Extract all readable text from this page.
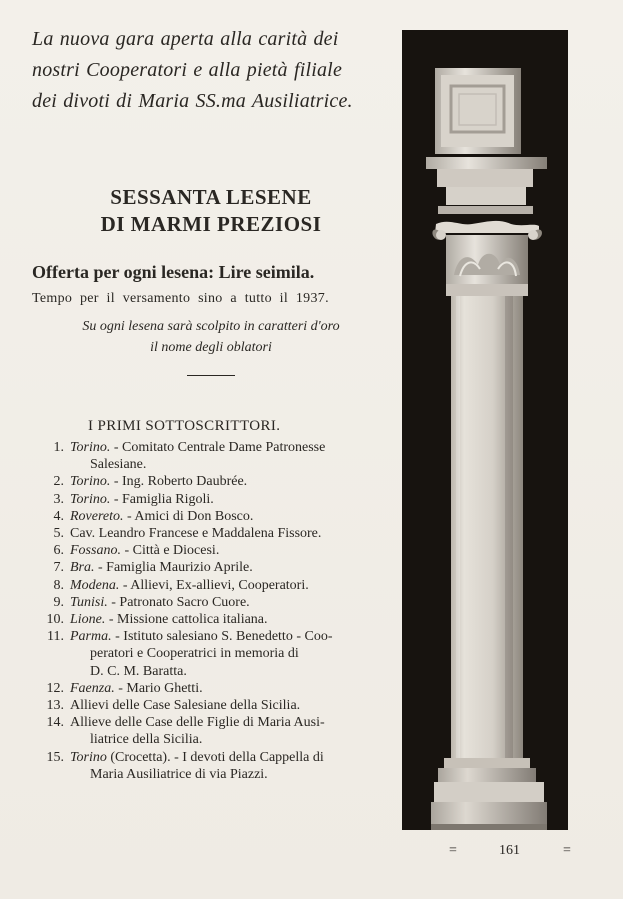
La nuova gara aperta alla carità dei
nostri Cooperatori e alla pietà filiale
dei divoti di Maria SS.ma Ausiliatrice.
SESSANTA LESENE
DI MARMI PREZIOSI
Offerta per ogni lesena: Lire seimila.
Tempo per il versamento sino a tutto il 1937.
Su ogni lesena sarà scolpito in caratteri d'oro
il nome degli oblatori
I PRIMI SOTTOSCRITTORI.
1. Torino. - Comitato Centrale Dame Patronesse
Salesiane.
2. Torino. - Ing. Roberto Daubrée.
3. Torino. - Famiglia Rigoli.
4. Rovereto. - Amici di Don Bosco.
5. Cav. Leandro Francese e Maddalena Fissore.
6. Fossano. - Città e Diocesi.
7. Bra. - Famiglia Maurizio Aprile.
8. Modena. - Allievi, Ex-allievi, Cooperatori.
9. Tunisi. - Patronato Sacro Cuore.
10. Lione. - Missione cattolica italiana.
11. Parma. - Istituto salesiano S. Benedetto - Coo-
peratori e Cooperatrici in memoria di
D. C. M. Baratta.
12. Faenza. - Mario Ghetti.
13. Allievi delle Case Salesiane della Sicilia.
14. Allieve delle Case delle Figlie di Maria Ausi-
liatrice della Sicilia.
15. Torino (Crocetta). - I devoti della Cappella di
Maria Ausiliatrice di via Piazzi.
=	161	=
